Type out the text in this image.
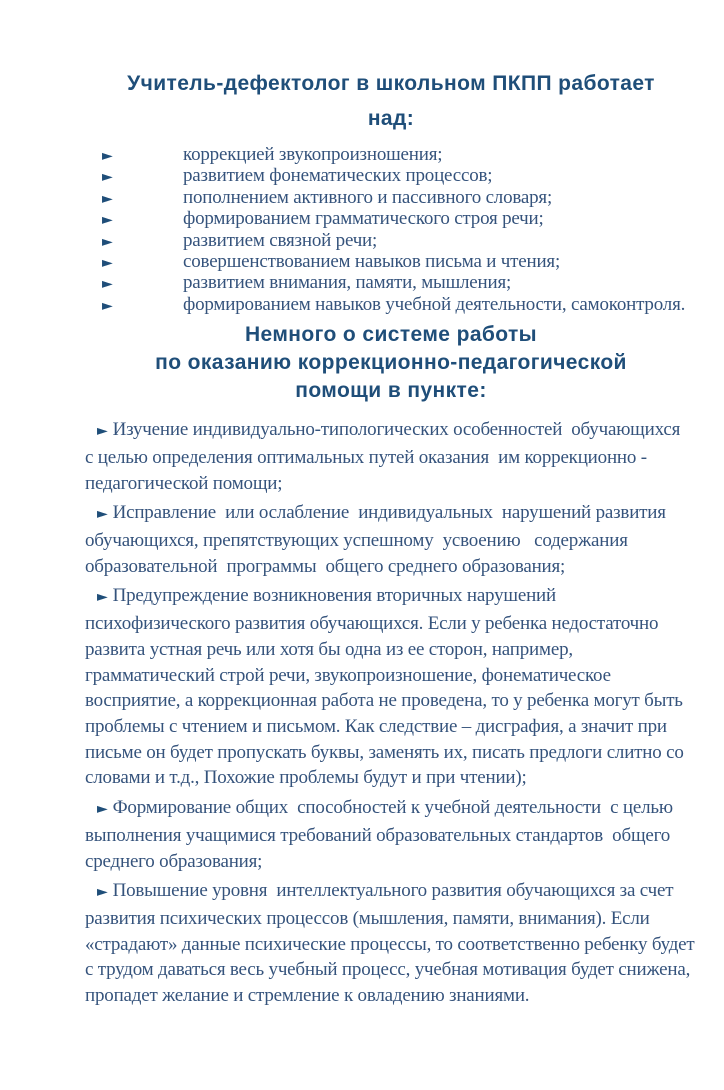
Учитель-дефектолог в школьном ПКПП работает
над:
►	коррекцией звукопроизношения;
►	развитием фонематических процессов;
►	пополнением активного и пассивного словаря;
►	формированием грамматического строя речи;
►	развитием связной речи;
►	совершенствованием навыков письма и чтения;
►	развитием внимания, памяти, мышления;
►	формированием навыков учебной деятельности, самоконтроля.
Немного о системе работы
по оказанию коррекционно-педагогической
помощи в пункте:

► Изучение индивидуально-типологических особенностей  обучающихся  с целью определения оптимальных путей оказания  им коррекционно - педагогической помощи;

► Исправление  или ослабление  индивидуальных  нарушений развития обучающихся, препятствующих успешному  усвоению   содержания образовательной  программы  общего среднего образования;

► Предупреждение возникновения вторичных нарушений  психофизического развития обучающихся. Если у ребенка недостаточно развита устная речь или хотя бы одна из ее сторон, например, грамматический строй речи, звукопроизношение, фонематическое восприятие, а коррекционная работа не проведена, то у ребенка могут быть проблемы с чтением и письмом. Как следствие – дисграфия, а значит при письме он будет пропускать буквы, заменять их, писать предлоги слитно со словами и т.д., Похожие проблемы будут и при чтении);

► Формирование общих  способностей к учебной деятельности  с целью выполнения учащимися требований образовательных стандартов  общего среднего образования;

► Повышение уровня  интеллектуального развития обучающихся за счет развития психических процессов (мышления, памяти, внимания). Если «страдают» данные психические процессы, то соответственно ребенку будет с трудом даваться весь учебный процесс, учебная мотивация будет снижена, пропадет желание и стремление к овладению знаниями.
